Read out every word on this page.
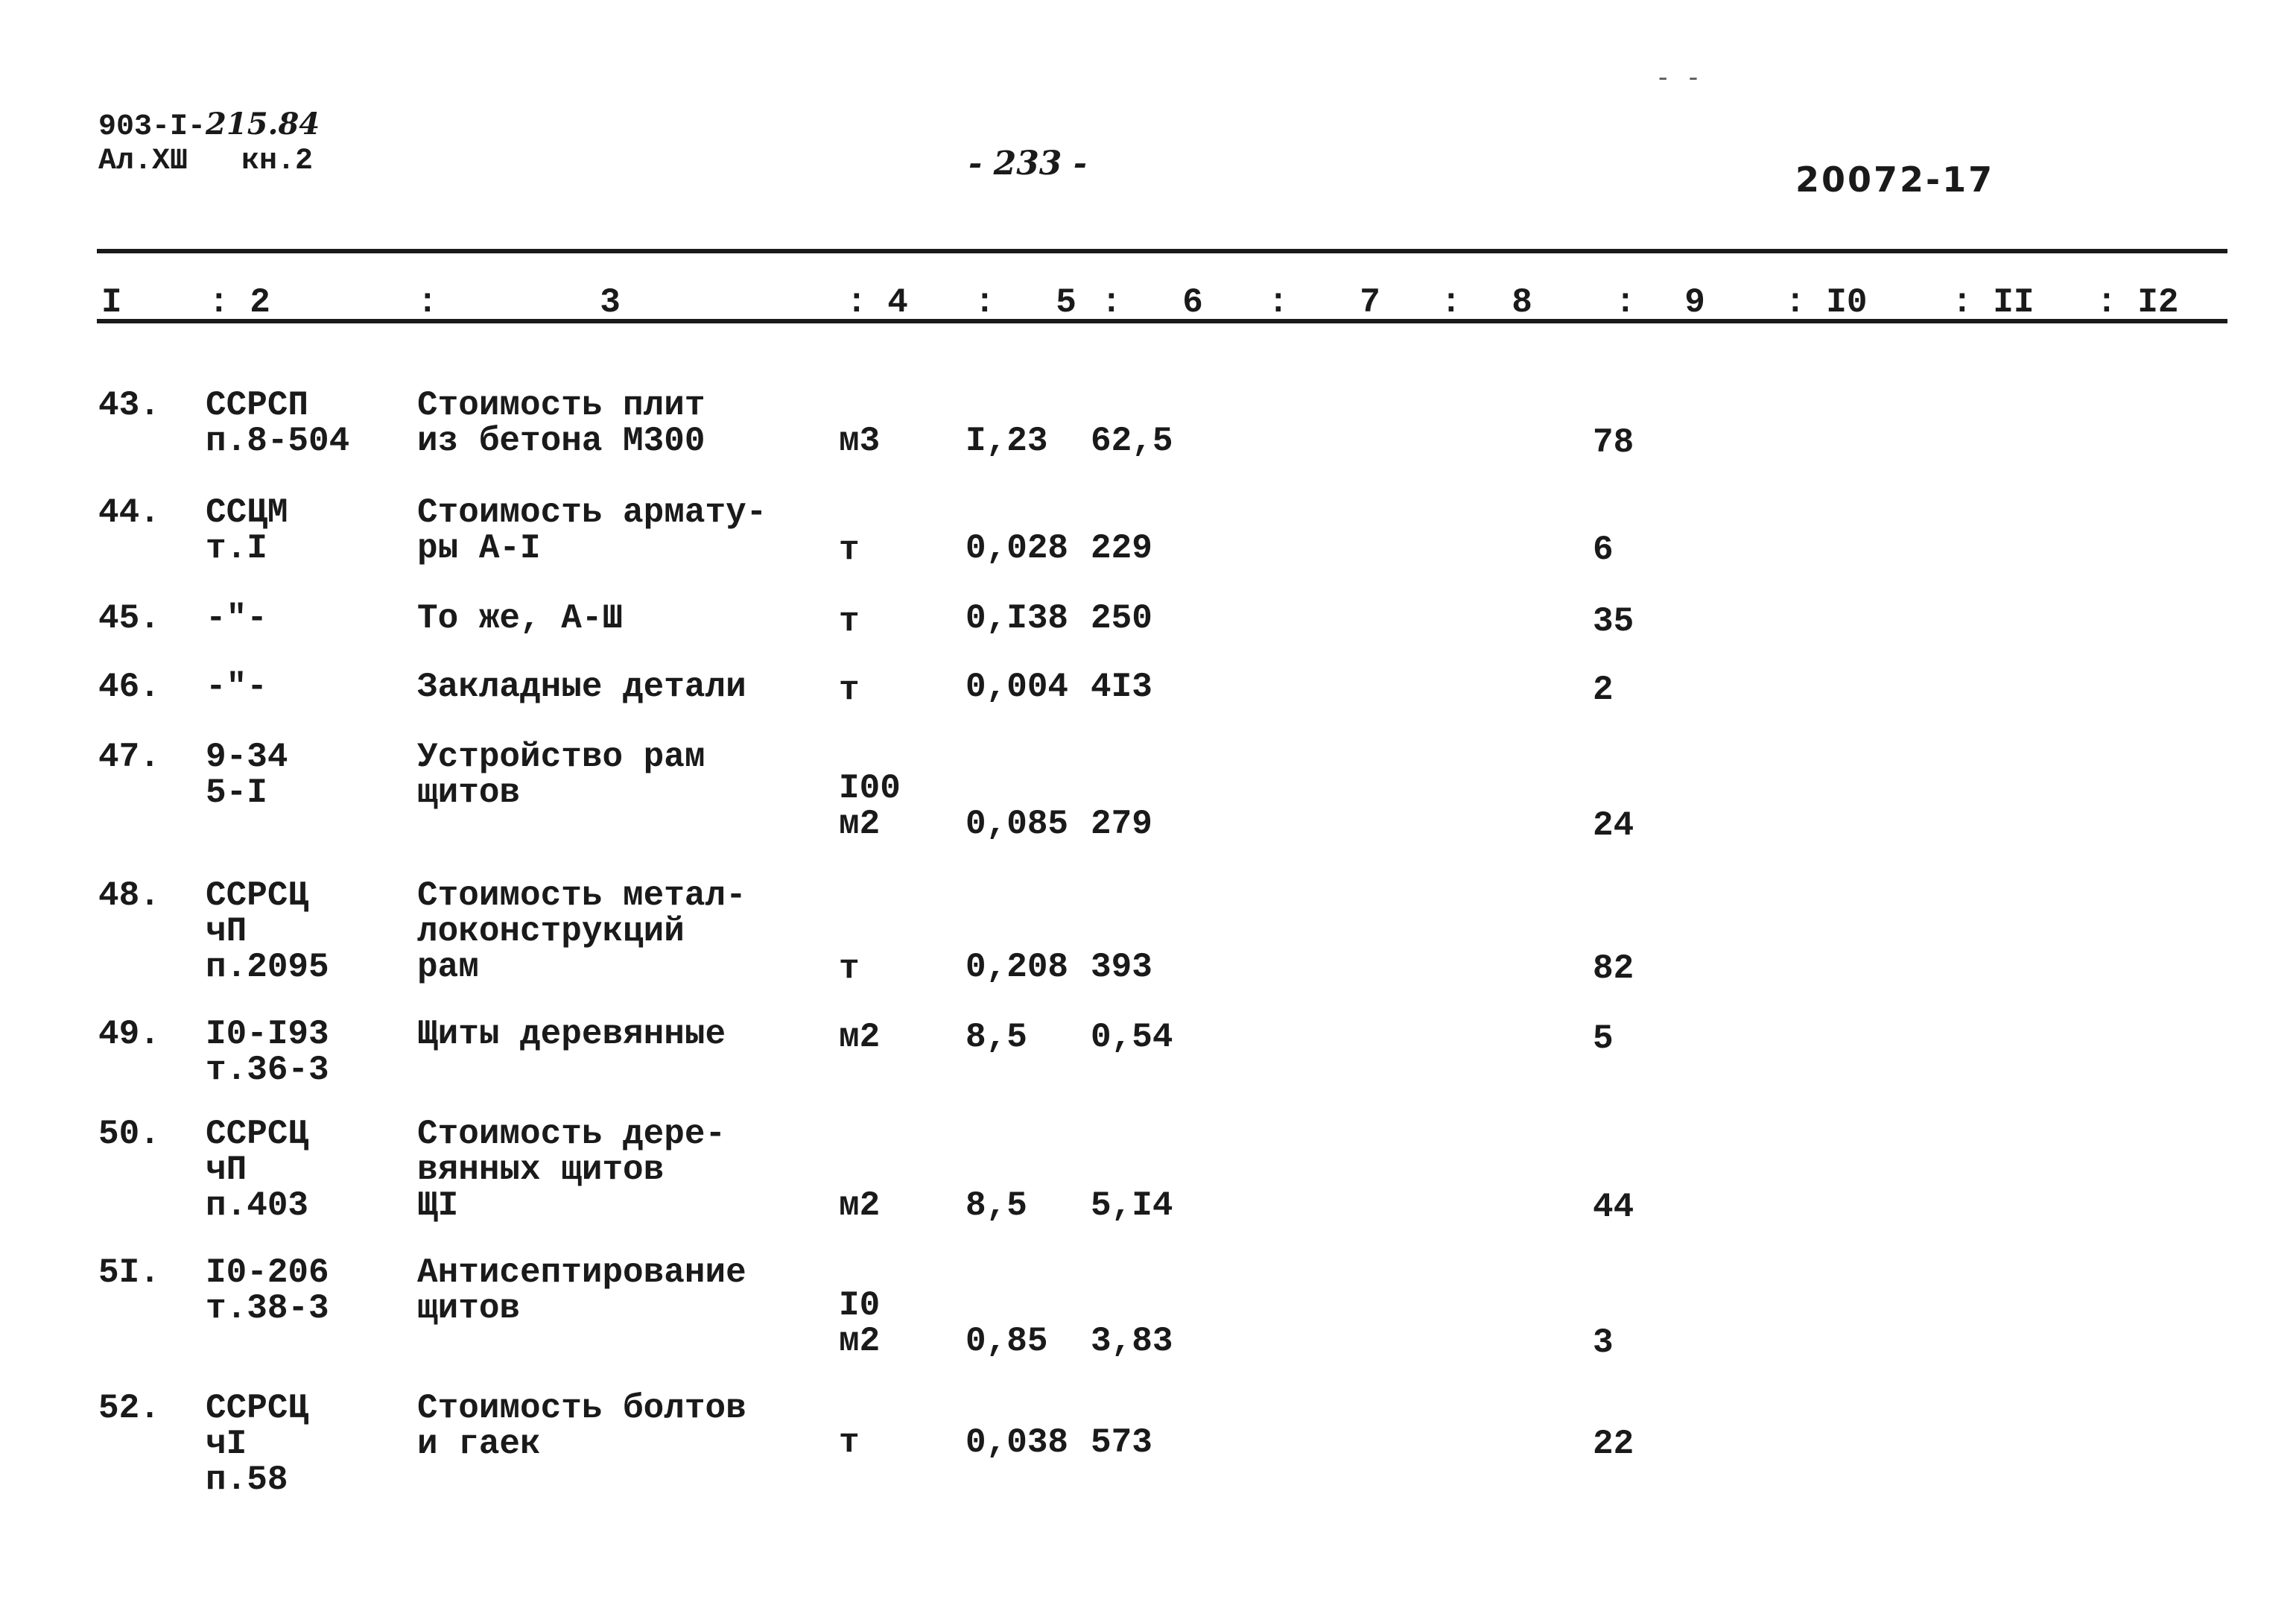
903-I-215.84
Ал.XШ   кн.2	- 233 -	20072-17
- -
I	: 2	: 3	: 4 : 5 : 6 : 7 : 8 : 9 : I0 : II : I2
43. ССРСП
п.8-504
Стоимость плит
из бетона М300	м3 I,23 62,5	78
44. ССЦМ
т.I
Стоимость армату-
ры А-I	т	0,028 229	6
45. -"-	То же, А-Ш	т	0,I38 250	35
46. -"-	Закладные детали	т	0,004 4I3	2
47. 9-34
5-I
Устройство рам
щитов	I00
м2	0,085 279	24
48. ССРСЦ
чП
п.2095
Стоимость метал-
локонструкций
рам	т	0,208 393	82
49. I0-I93
т.36-3
Щиты деревянные	м2 8,5 0,54	5
50. ССРСЦ
чП
п.403
Стоимость дере-
вянных щитов
ЩI	м2 8,5 5,I4	44
5I. I0-206
т.38-3
Антисептирование
щитов	I0
м2 0,85 3,83	3
52. ССРСЦ
чI
п.58
Стоимость болтов
и гаек	т	0,038 573	22
